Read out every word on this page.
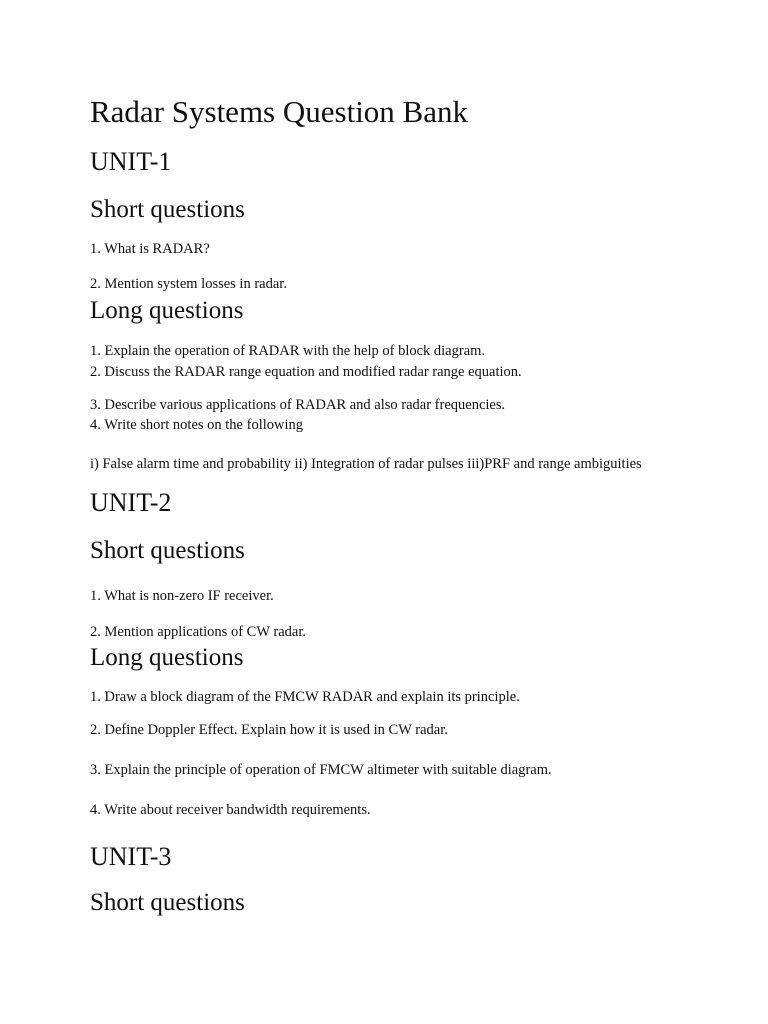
Radar Systems Question Bank
UNIT-1
Short questions

1. What is RADAR?

2. Mention system losses in radar.

Long questions

1. Explain the operation of RADAR with the help of block diagram.

2. Discuss the RADAR range equation and modified radar range equation.

3. Describe various applications of RADAR and also radar frequencies.

4. Write short notes on the following

i) False alarm time and probability ii) Integration of radar pulses iii)PRF and range ambiguities

UNIT-2
Short questions

1. What is non-zero IF receiver.

2. Mention applications of CW radar.

Long questions

1. Draw a block diagram of the FMCW RADAR and explain its principle.

2. Define Doppler Effect. Explain how it is used in CW radar.

3. Explain the principle of operation of FMCW altimeter with suitable diagram.

4. Write about receiver bandwidth requirements.

UNIT-3
Short questions
